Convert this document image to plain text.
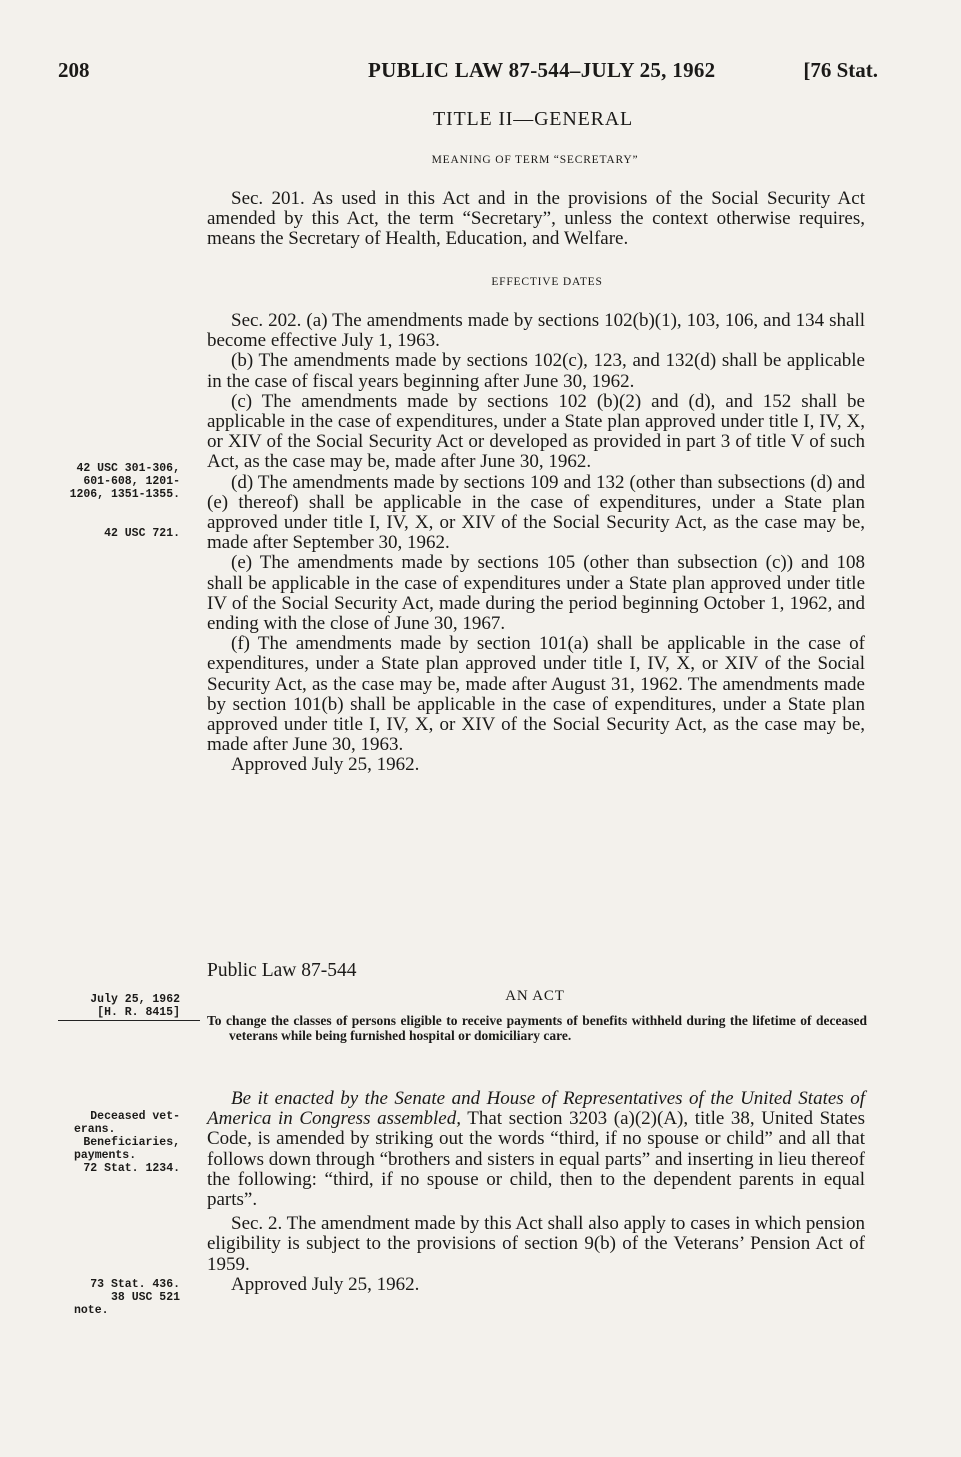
208	PUBLIC LAW 87-544–JULY 25, 1962	[76 Stat.
TITLE II—GENERAL
MEANING OF TERM “SECRETARY”

Sec. 201. As used in this Act and in the provisions of the Social Security Act amended by this Act, the term “Secretary”, unless the context otherwise requires, means the Secretary of Health, Education, and Welfare.

EFFECTIVE DATES

Sec. 202. (a) The amendments made by sections 102(b)(1), 103, 106, and 134 shall become effective July 1, 1963.

(b) The amendments made by sections 102(c), 123, and 132(d) shall be applicable in the case of fiscal years beginning after June 30, 1962.

(c) The amendments made by sections 102 (b)(2) and (d), and 152 shall be applicable in the case of expenditures, under a State plan approved under title I, IV, X, or XIV of the Social Security Act or developed as provided in part 3 of title V of such Act, as the case may be, made after June 30, 1962.

(d) The amendments made by sections 109 and 132 (other than subsections (d) and (e) thereof) shall be applicable in the case of expenditures, under a State plan approved under title I, IV, X, or XIV of the Social Security Act, as the case may be, made after September 30, 1962.

(e) The amendments made by sections 105 (other than subsection (c)) and 108 shall be applicable in the case of expenditures under a State plan approved under title IV of the Social Security Act, made during the period beginning October 1, 1962, and ending with the close of June 30, 1967.

(f) The amendments made by section 101(a) shall be applicable in the case of expenditures, under a State plan approved under title I, IV, X, or XIV of the Social Security Act, as the case may be, made after August 31, 1962. The amendments made by section 101(b) shall be applicable in the case of expenditures, under a State plan approved under title I, IV, X, or XIV of the Social Security Act, as the case may be, made after June 30, 1963.

Approved July 25, 1962.

42 USC 301-306,
601-608, 1201-
1206, 1351-1355.
42 USC 721.
Public Law 87-544
July 25, 1962
[H. R. 8415]
AN ACT
To change the classes of persons eligible to receive payments of benefits withheld during the lifetime of deceased veterans while being furnished hospital or domiciliary care.
Deceased vet-
erans.
Beneficiaries,
payments.
72 Stat. 1234.

Be it enacted by the Senate and House of Representatives of the United States of America in Congress assembled, That section 3203 (a)(2)(A), title 38, United States Code, is amended by striking out the words “third, if no spouse or child” and all that follows down through “brothers and sisters in equal parts” and inserting in lieu thereof the following: “third, if no spouse or child, then to the dependent parents in equal parts”.

Sec. 2. The amendment made by this Act shall also apply to cases in which pension eligibility is subject to the provisions of section 9(b) of the Veterans’ Pension Act of 1959.

Approved July 25, 1962.

73 Stat. 436.
38 USC 521
note.
